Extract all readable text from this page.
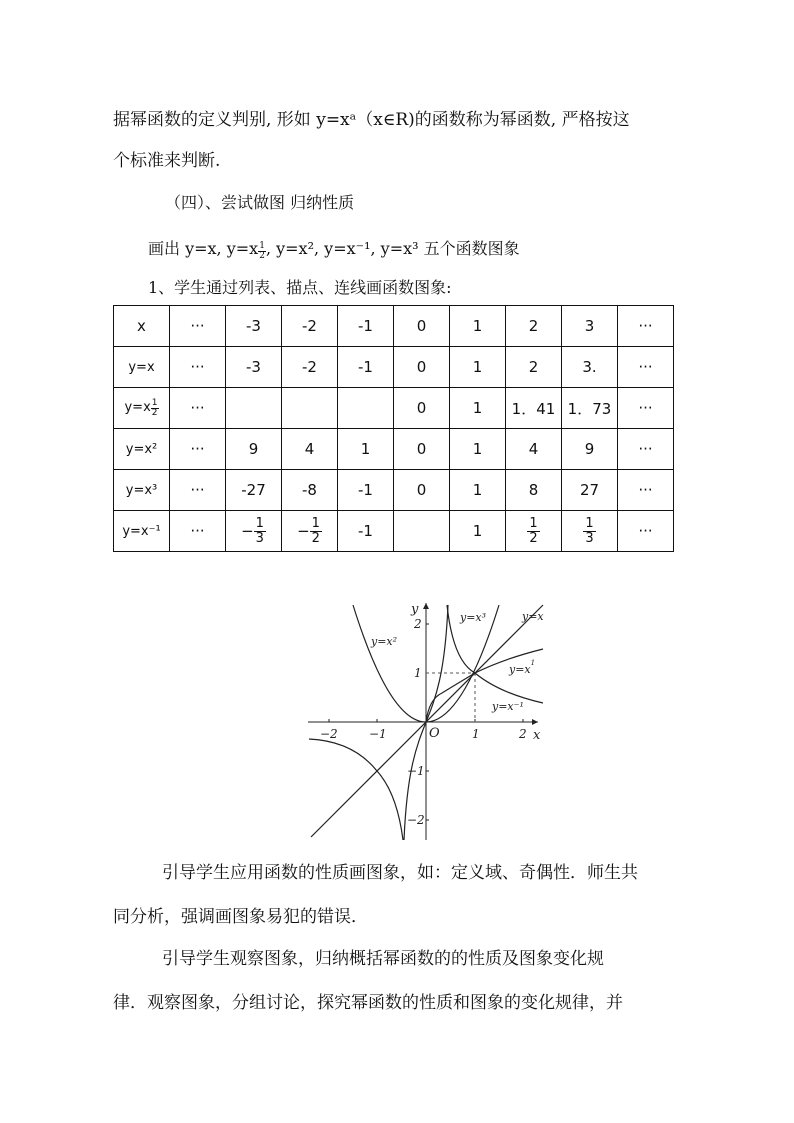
据幂函数的定义判别, 形如 y=xᵃ（x∈R)的函数称为幂函数, 严格按这
个标准来判断.
（四）、尝试做图 归纳性质
画出 y=x, $y=x \frac{1}{2}$ , y=x², y=x⁻¹, y=x³ 五个函数图象
1、学生通过列表、描点、连线画函数图象:
x	···	-3	-2	-1	0	1	2	3	···
y=x	···	-3	-2	-1	0	1	2	3.	···
$y=x \frac{1}{2}$	···				0	1	1．41	1．73	···
y=x²	···	9	4	1	0	1	4	9	···
y=x³	···	-27	-8	-1	0	1	8	27	···
y=x⁻¹	···	− $\frac{1}{3}$	− $\frac{1}{2}$	-1		1	$\frac{1}{2}$	$\frac{1}{3}$	···
−2	−1	1	2
2
1
−1
−2
O	x
y
y=x²
y=x³	y=x
$y=x^1$
y=x⁻¹
引导学生应用函数的性质画图象，如：定义域、奇偶性．师生共
同分析，强调画图象易犯的错误．
引导学生观察图象，归纳概括幂函数的的性质及图象变化规
律．观察图象，分组讨论，探究幂函数的性质和图象的变化规律，并
